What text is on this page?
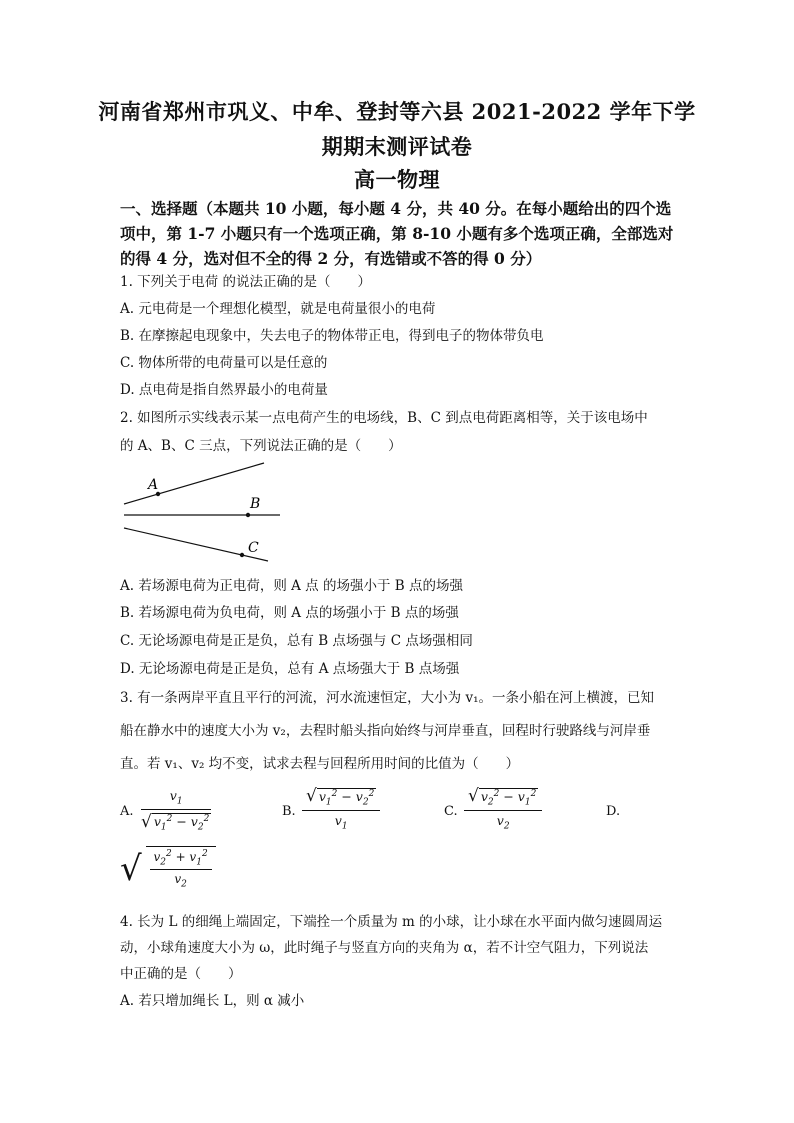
河南省郑州市巩义、中牟、登封等六县 2021-2022 学年下学
期期末测评试卷
高一物理
一、选择题（本题共 10 小题，每小题 4 分，共 40 分。在每小题给出的四个选
项中，第 1-7 小题只有一个选项正确，第 8-10 小题有多个选项正确，全部选对
的得 4 分，选对但不全的得 2 分，有选错或不答的得 0 分）
1. 下列关于电荷 的说法正确的是（　　）
A. 元电荷是一个理想化模型，就是电荷量很小的电荷
B. 在摩擦起电现象中，失去电子的物体带正电，得到电子的物体带负电
C. 物体所带的电荷量可以是任意的
D. 点电荷是指自然界最小的电荷量
2. 如图所示实线表示某一点电荷产生的电场线，B、C 到点电荷距离相等，关于该电场中
的 A、B、C 三点，下列说法正确的是（　　）
A
B
C
A. 若场源电荷为正电荷，则 A 点 的场强小于 B 点的场强
B. 若场源电荷为负电荷，则 A 点的场强小于 B 点的场强
C. 无论场源电荷是正是负，总有 B 点场强与 C 点场强相同
D. 无论场源电荷是正是负，总有 A 点场强大于 B 点场强
3. 有一条两岸平直且平行的河流，河水流速恒定，大小为 v₁。一条小船在河上横渡，已知
船在静水中的速度大小为 v₂，去程时船头指向始终与河岸垂直，回程时行驶路线与河岸垂
直。若 v₁、v₂ 均不变，试求去程与回程所用时间的比值为（　　）
A.
$v_1$
√ $v_1^2 - v_2^2$
B.
√ $v_1^2 - v_2^2$
$v_1$
C.
√ $v_2^2 - v_1^2$
$v_2$
D.
√ $\frac{v_2^2 + v_1^2}{v_2}$
4. 长为 L 的细绳上端固定，下端拴一个质量为 m 的小球，让小球在水平面内做匀速圆周运
动，小球角速度大小为 ω，此时绳子与竖直方向的夹角为 α，若不计空气阻力，下列说法
中正确的是（　　）
A. 若只增加绳长 L，则 α 减小
